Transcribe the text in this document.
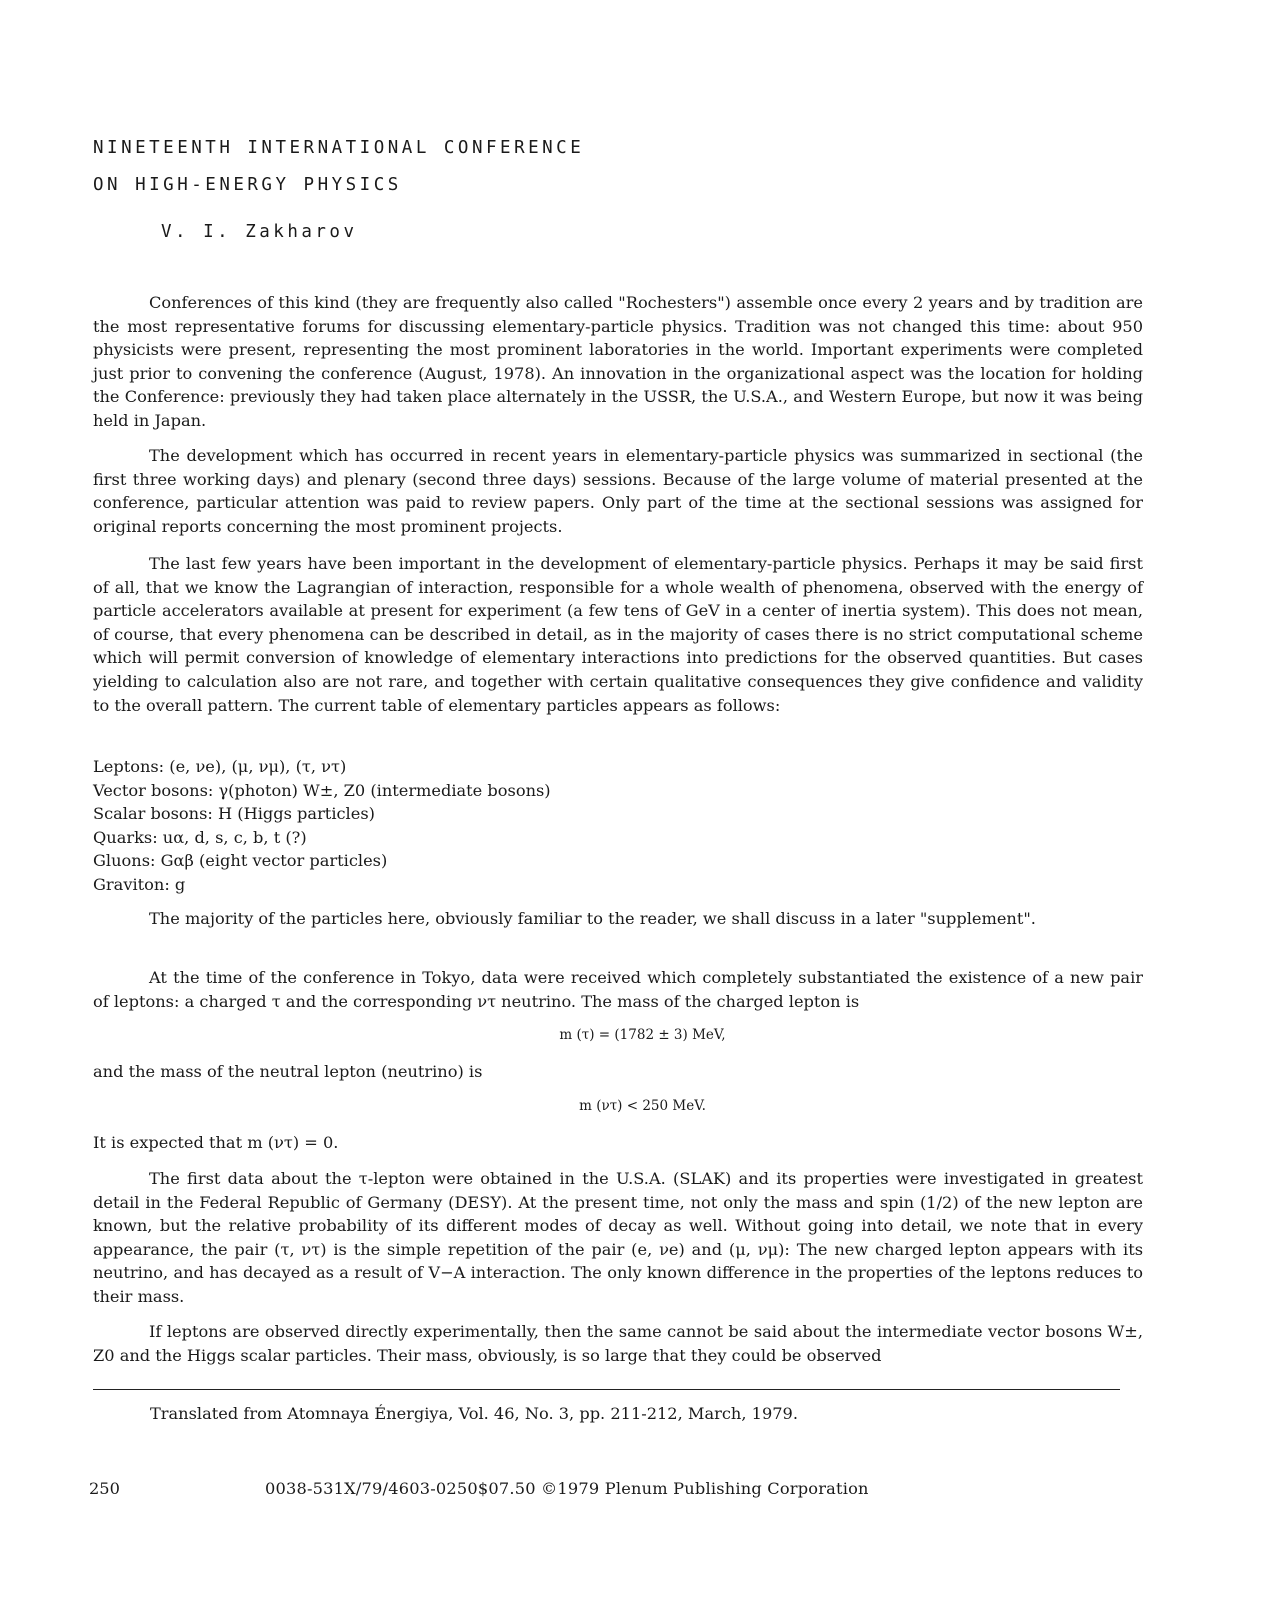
NINETEENTH INTERNATIONAL CONFERENCE
ON HIGH-ENERGY PHYSICS
V. I. Zakharov

Conferences of this kind (they are frequently also called "Rochesters") assemble once every 2 years and by tradition are the most representative forums for discussing elementary-particle physics. Tradition was not changed this time: about 950 physicists were present, representing the most prominent laboratories in the world. Important experiments were completed just prior to convening the conference (August, 1978). An innovation in the organizational aspect was the location for holding the Conference: previously they had taken place alternately in the USSR, the U.S.A., and Western Europe, but now it was being held in Japan.

The development which has occurred in recent years in elementary-particle physics was summarized in sectional (the first three working days) and plenary (second three days) sessions. Because of the large volume of material presented at the conference, particular attention was paid to review papers. Only part of the time at the sectional sessions was assigned for original reports concerning the most prominent projects.

The last few years have been important in the development of elementary-particle physics. Perhaps it may be said first of all, that we know the Lagrangian of interaction, responsible for a whole wealth of phenomena, observed with the energy of particle accelerators available at present for experiment (a few tens of GeV in a center of inertia system). This does not mean, of course, that every phenomena can be described in detail, as in the majority of cases there is no strict computational scheme which will permit conversion of knowledge of elementary interactions into predictions for the observed quantities. But cases yielding to calculation also are not rare, and together with certain qualitative consequences they give confidence and validity to the overall pattern. The current table of elementary particles appears as follows:

Leptons: (e, νe), (μ, νμ), (τ, ντ)
Vector bosons: γ(photon) W±, Z0 (intermediate bosons)
Scalar bosons: H (Higgs particles)
Quarks: uα, d, s, c, b, t (?)
Gluons: Gαβ (eight vector particles)
Graviton: g

The majority of the particles here, obviously familiar to the reader, we shall discuss in a later "supplement".

At the time of the conference in Tokyo, data were received which completely substantiated the existence of a new pair of leptons: a charged τ and the corresponding ντ neutrino. The mass of the charged lepton is

m (τ) = (1782 ± 3) MeV,
and the mass of the neutral lepton (neutrino) is
m (ντ) < 250 MeV.
It is expected that m (ντ) = 0.

The first data about the τ-lepton were obtained in the U.S.A. (SLAK) and its properties were investigated in greatest detail in the Federal Republic of Germany (DESY). At the present time, not only the mass and spin (1/2) of the new lepton are known, but the relative probability of its different modes of decay as well. Without going into detail, we note that in every appearance, the pair (τ, ντ) is the simple repetition of the pair (e, νe) and (μ, νμ): The new charged lepton appears with its neutrino, and has decayed as a result of V−A interaction. The only known difference in the properties of the leptons reduces to their mass.

If leptons are observed directly experimentally, then the same cannot be said about the intermediate vector bosons W±, Z0 and the Higgs scalar particles. Their mass, obviously, is so large that they could be observed

Translated from Atomnaya Énergiya, Vol. 46, No. 3, pp. 211-212, March, 1979.
250	0038-531X/79/4603-0250$07.50 ©1979 Plenum Publishing Corporation
